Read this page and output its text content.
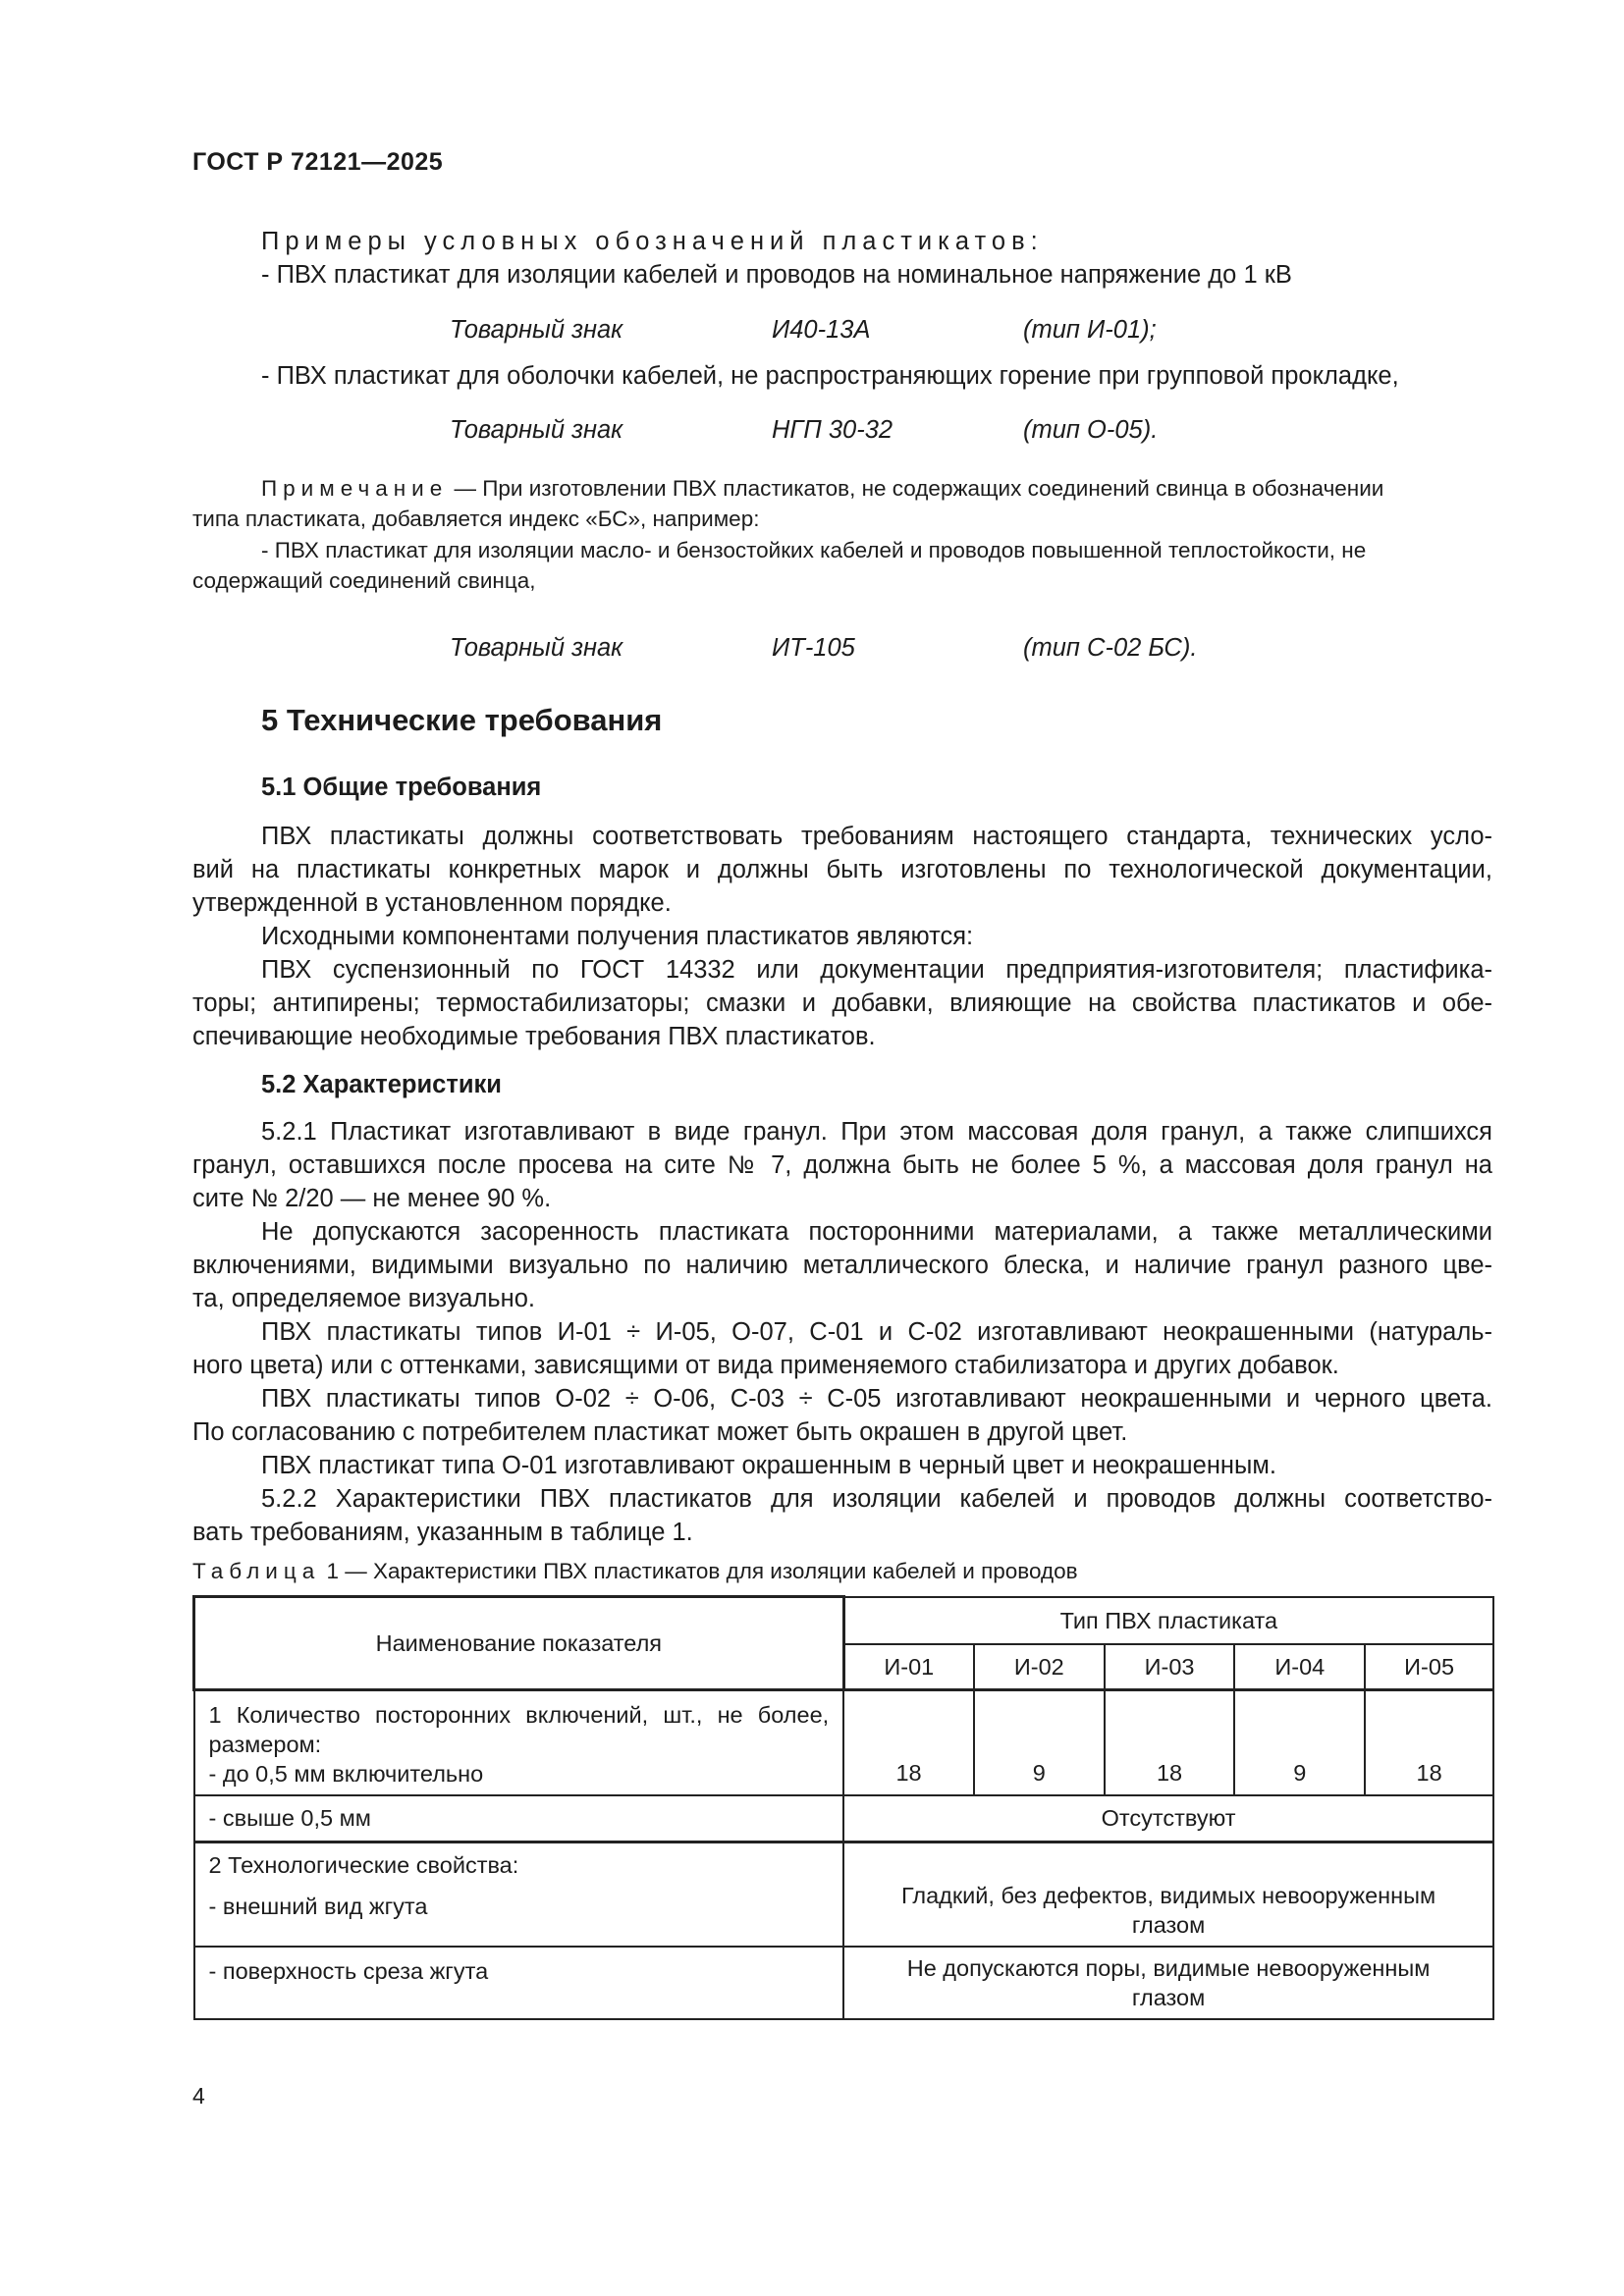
ГОСТ Р 72121—2025
Примеры условных обозначений пластикатов:
- ПВХ пластикат для изоляции кабелей и проводов на номинальное напряжение до 1 кВ
Товарный знак	И40-13А	(тип И-01);
- ПВХ пластикат для оболочки кабелей, не распространяющих горение при групповой прокладке,
Товарный знак	НГП 30-32	(тип О-05).
Примечание — При изготовлении ПВХ пластикатов, не содержащих соединений свинца в обозначении
типа пластиката, добавляется индекс «БС», например:
- ПВХ пластикат для изоляции масло- и бензостойких кабелей и проводов повышенной теплостойкости, не
содержащий соединений свинца,
Товарный знак	ИТ-105	(тип С-02 БС).
5 Технические требования
5.1 Общие требования

ПВХ пластикаты должны соответствовать требованиям настоящего стандарта, технических усло-

вий на пластикаты конкретных марок и должны быть изготовлены по технологической документации,

утвержденной в установленном порядке.

Исходными компонентами получения пластикатов являются:

ПВХ суспензионный по ГОСТ 14332 или документации предприятия-изготовителя; пластифика-

торы; антипирены; термостабилизаторы; смазки и добавки, влияющие на свойства пластикатов и обе-

спечивающие необходимые требования ПВХ пластикатов.

5.2 Характеристики

5.2.1 Пластикат изготавливают в виде гранул. При этом массовая доля гранул, а также слипшихся

гранул, оставшихся после просева на сите № 7, должна быть не более 5 %, а массовая доля гранул на

сите № 2/20 — не менее 90 %.

Не допускаются засоренность пластиката посторонними материалами, а также металлическими

включениями, видимыми визуально по наличию металлического блеска, и наличие гранул разного цве-

та, определяемое визуально.

ПВХ пластикаты типов И-01 ÷ И-05, О-07, С-01 и С-02 изготавливают неокрашенными (натураль-

ного цвета) или с оттенками, зависящими от вида применяемого стабилизатора и других добавок.

ПВХ пластикаты типов О-02 ÷ О-06, С-03 ÷ С-05 изготавливают неокрашенными и черного цвета.

По согласованию с потребителем пластикат может быть окрашен в другой цвет.

ПВХ пластикат типа О-01 изготавливают окрашенным в черный цвет и неокрашенным.

5.2.2 Характеристики ПВХ пластикатов для изоляции кабелей и проводов должны соответство-

вать требованиям, указанным в таблице 1.

Таблица 1 — Характеристики ПВХ пластикатов для изоляции кабелей и проводов
Наименование показателя	Тип ПВХ пластиката				
	И-01	И-02	И-03	И-04	И-05

1 Количество посторонних включений, шт., не более, размером:
- до 0,5 мм включительно	18	9	18	9	18
- свыше 0,5 мм	Отсутствуют				

2 Технологические свойства:
- внешний вид жгута	Гладкий, без дефектов, видимых невооруженным глазом				
- поверхность среза жгута	Не допускаются поры, видимые невооруженным глазом				
4
